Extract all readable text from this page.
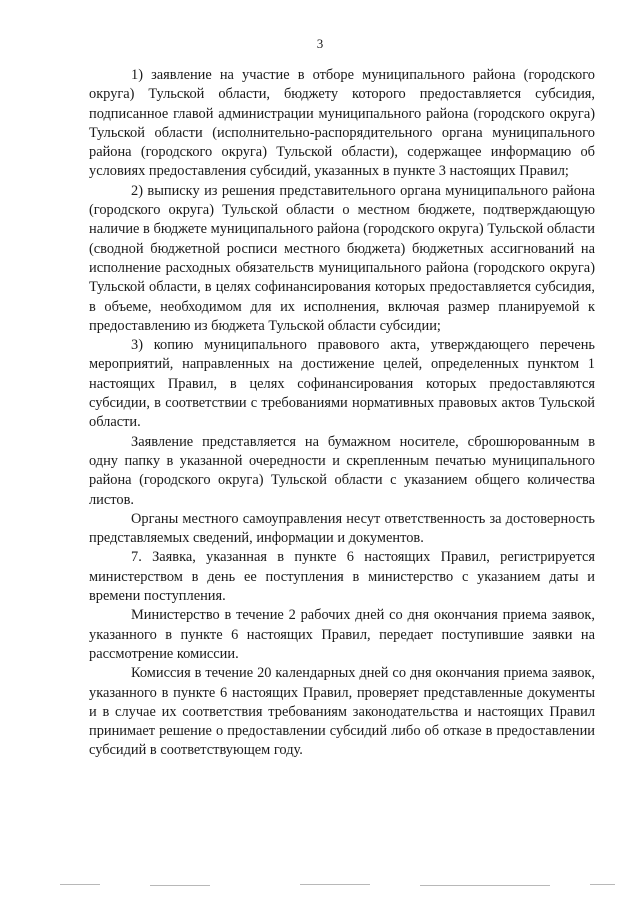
3

1) заявление на участие в отборе муниципального района (городского округа) Тульской области, бюджету которого предоставляется субсидия, подписанное главой администрации муниципального района (городского округа) Тульской области (исполнительно-распорядительного органа муниципального района (городского округа) Тульской области), содержащее информацию об условиях предоставления субсидий, указанных в пункте 3 настоящих Правил;

2) выписку из решения представительного органа муниципального района (городского округа) Тульской области о местном бюджете, подтверждающую наличие в бюджете муниципального района (городского округа) Тульской области (сводной бюджетной росписи местного бюджета) бюджетных ассигнований на исполнение расходных обязательств муниципального района (городского округа) Тульской области, в целях софинансирования которых предоставляется субсидия, в объеме, необходимом для их исполнения, включая размер планируемой к предоставлению из бюджета Тульской области субсидии;

3) копию муниципального правового акта, утверждающего перечень мероприятий, направленных на достижение целей, определенных пунктом 1 настоящих Правил, в целях софинансирования которых предоставляются субсидии, в соответствии с требованиями нормативных правовых актов Тульской области.

Заявление представляется на бумажном носителе, сброшюрованным в одну папку в указанной очередности и скрепленным печатью муниципального района (городского округа) Тульской области с указанием общего количества листов.

Органы местного самоуправления несут ответственность за достоверность представляемых сведений, информации и документов.

7. Заявка, указанная в пункте 6 настоящих Правил, регистрируется министерством в день ее поступления в министерство с указанием даты и времени поступления.

Министерство в течение 2 рабочих дней со дня окончания приема заявок, указанного в пункте 6 настоящих Правил, передает поступившие заявки на рассмотрение комиссии.

Комиссия в течение 20 календарных дней со дня окончания приема заявок, указанного в пункте 6 настоящих Правил, проверяет представленные документы и в случае их соответствия требованиям законодательства и настоящих Правил принимает решение о предоставлении субсидий либо об отказе в предоставлении субсидий в соответствующем году.
